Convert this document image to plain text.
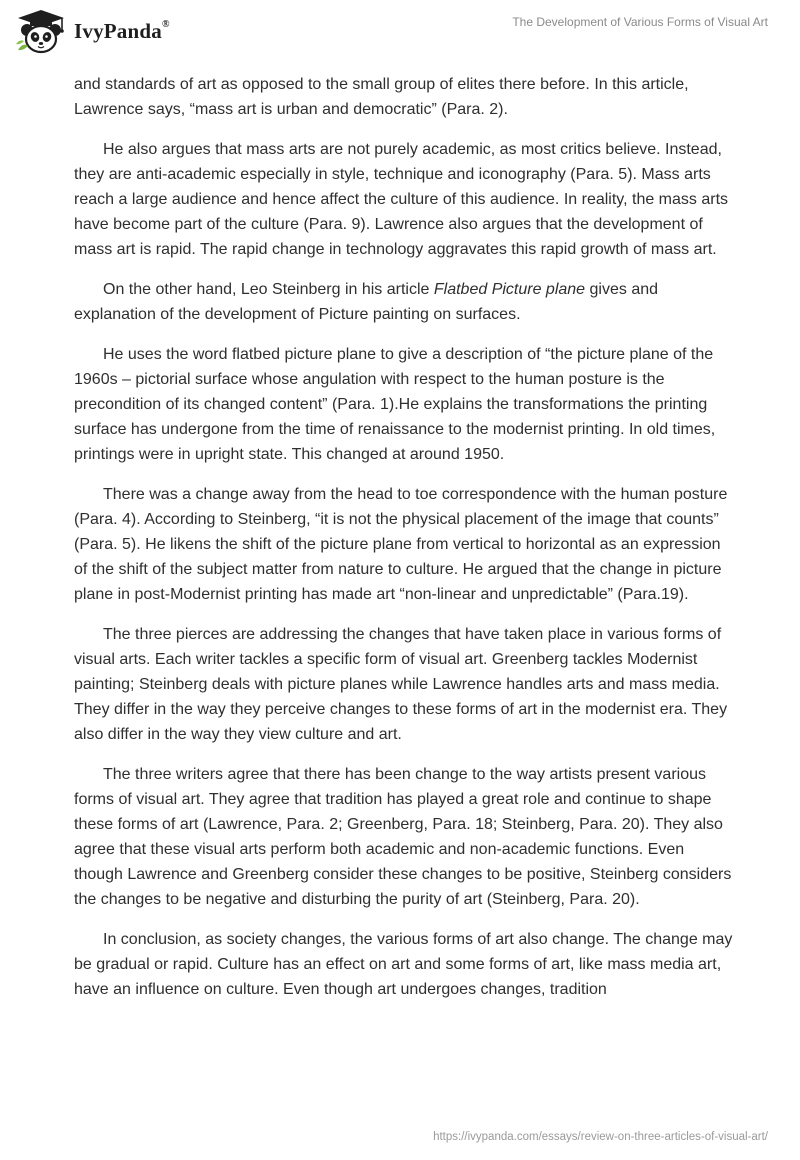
IvyPanda®	The Development of Various Forms of Visual Art

and standards of art as opposed to the small group of elites there before. In this article, Lawrence says, “mass art is urban and democratic” (Para. 2).

He also argues that mass arts are not purely academic, as most critics believe. Instead, they are anti-academic especially in style, technique and iconography (Para. 5). Mass arts reach a large audience and hence affect the culture of this audience. In reality, the mass arts have become part of the culture (Para. 9). Lawrence also argues that the development of mass art is rapid. The rapid change in technology aggravates this rapid growth of mass art.

On the other hand, Leo Steinberg in his article Flatbed Picture plane gives and explanation of the development of Picture painting on surfaces.

He uses the word flatbed picture plane to give a description of “the picture plane of the 1960s – pictorial surface whose angulation with respect to the human posture is the precondition of its changed content” (Para. 1).He explains the transformations the printing surface has undergone from the time of renaissance to the modernist printing. In old times, printings were in upright state. This changed at around 1950.

There was a change away from the head to toe correspondence with the human posture (Para. 4). According to Steinberg, “it is not the physical placement of the image that counts” (Para. 5). He likens the shift of the picture plane from vertical to horizontal as an expression of the shift of the subject matter from nature to culture. He argued that the change in picture plane in post-Modernist printing has made art “non-linear and unpredictable” (Para.19).

The three pierces are addressing the changes that have taken place in various forms of visual arts. Each writer tackles a specific form of visual art. Greenberg tackles Modernist painting; Steinberg deals with picture planes while Lawrence handles arts and mass media. They differ in the way they perceive changes to these forms of art in the modernist era. They also differ in the way they view culture and art.

The three writers agree that there has been change to the way artists present various forms of visual art. They agree that tradition has played a great role and continue to shape these forms of art (Lawrence, Para. 2; Greenberg, Para. 18; Steinberg, Para. 20). They also agree that these visual arts perform both academic and non-academic functions. Even though Lawrence and Greenberg consider these changes to be positive, Steinberg considers the changes to be negative and disturbing the purity of art (Steinberg, Para. 20).

In conclusion, as society changes, the various forms of art also change. The change may be gradual or rapid. Culture has an effect on art and some forms of art, like mass media art, have an influence on culture. Even though art undergoes changes, tradition

https://ivypanda.com/essays/review-on-three-articles-of-visual-art/
